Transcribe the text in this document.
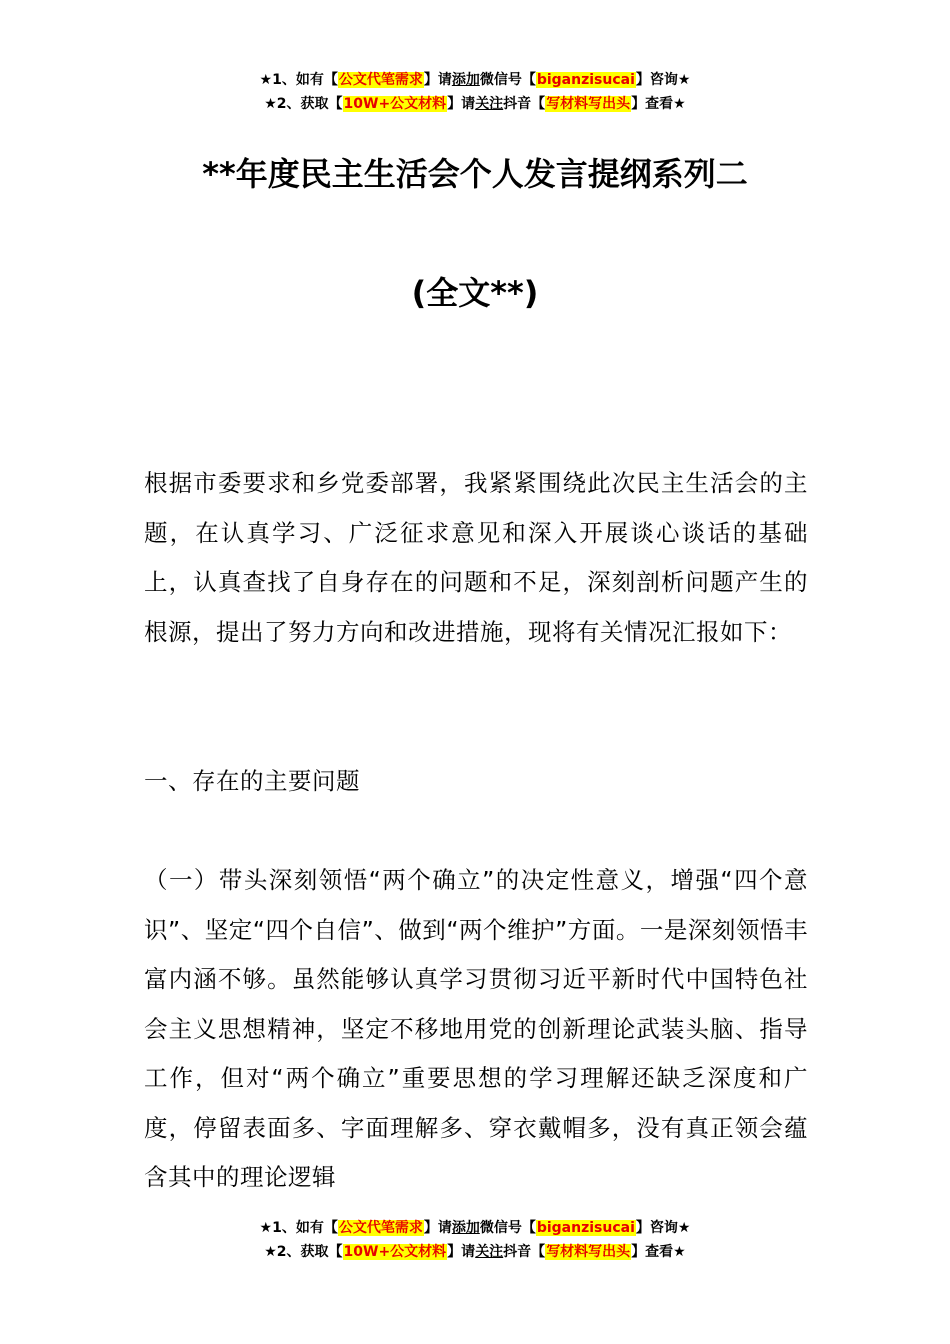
★1、如有【公文代笔需求】请添加微信号【biganzisucai】咨询★
★2、获取【10W+公文材料】请关注抖音【写材料写出头】查看★
**年度民主生活会个人发言提纲系列二
(全文**)
根据市委要求和乡党委部署，我紧紧围绕此次民主生活会的主题，在认真学习、广泛征求意见和深入开展谈心谈话的基础上，认真查找了自身存在的问题和不足，深刻剖析问题产生的根源，提出了努力方向和改进措施，现将有关情况汇报如下：
一、存在的主要问题
（一）带头深刻领悟“两个确立”的决定性意义，增强“四个意识”、坚定“四个自信”、做到“两个维护”方面。一是深刻领悟丰富内涵不够。虽然能够认真学习贯彻习近平新时代中国特色社会主义思想精神，坚定不移地用党的创新理论武装头脑、指导工作，但对“两个确立”重要思想的学习理解还缺乏深度和广度，停留表面多、字面理解多、穿衣戴帽多，没有真正领会蕴含其中的理论逻辑
★1、如有【公文代笔需求】请添加微信号【biganzisucai】咨询★
★2、获取【10W+公文材料】请关注抖音【写材料写出头】查看★
